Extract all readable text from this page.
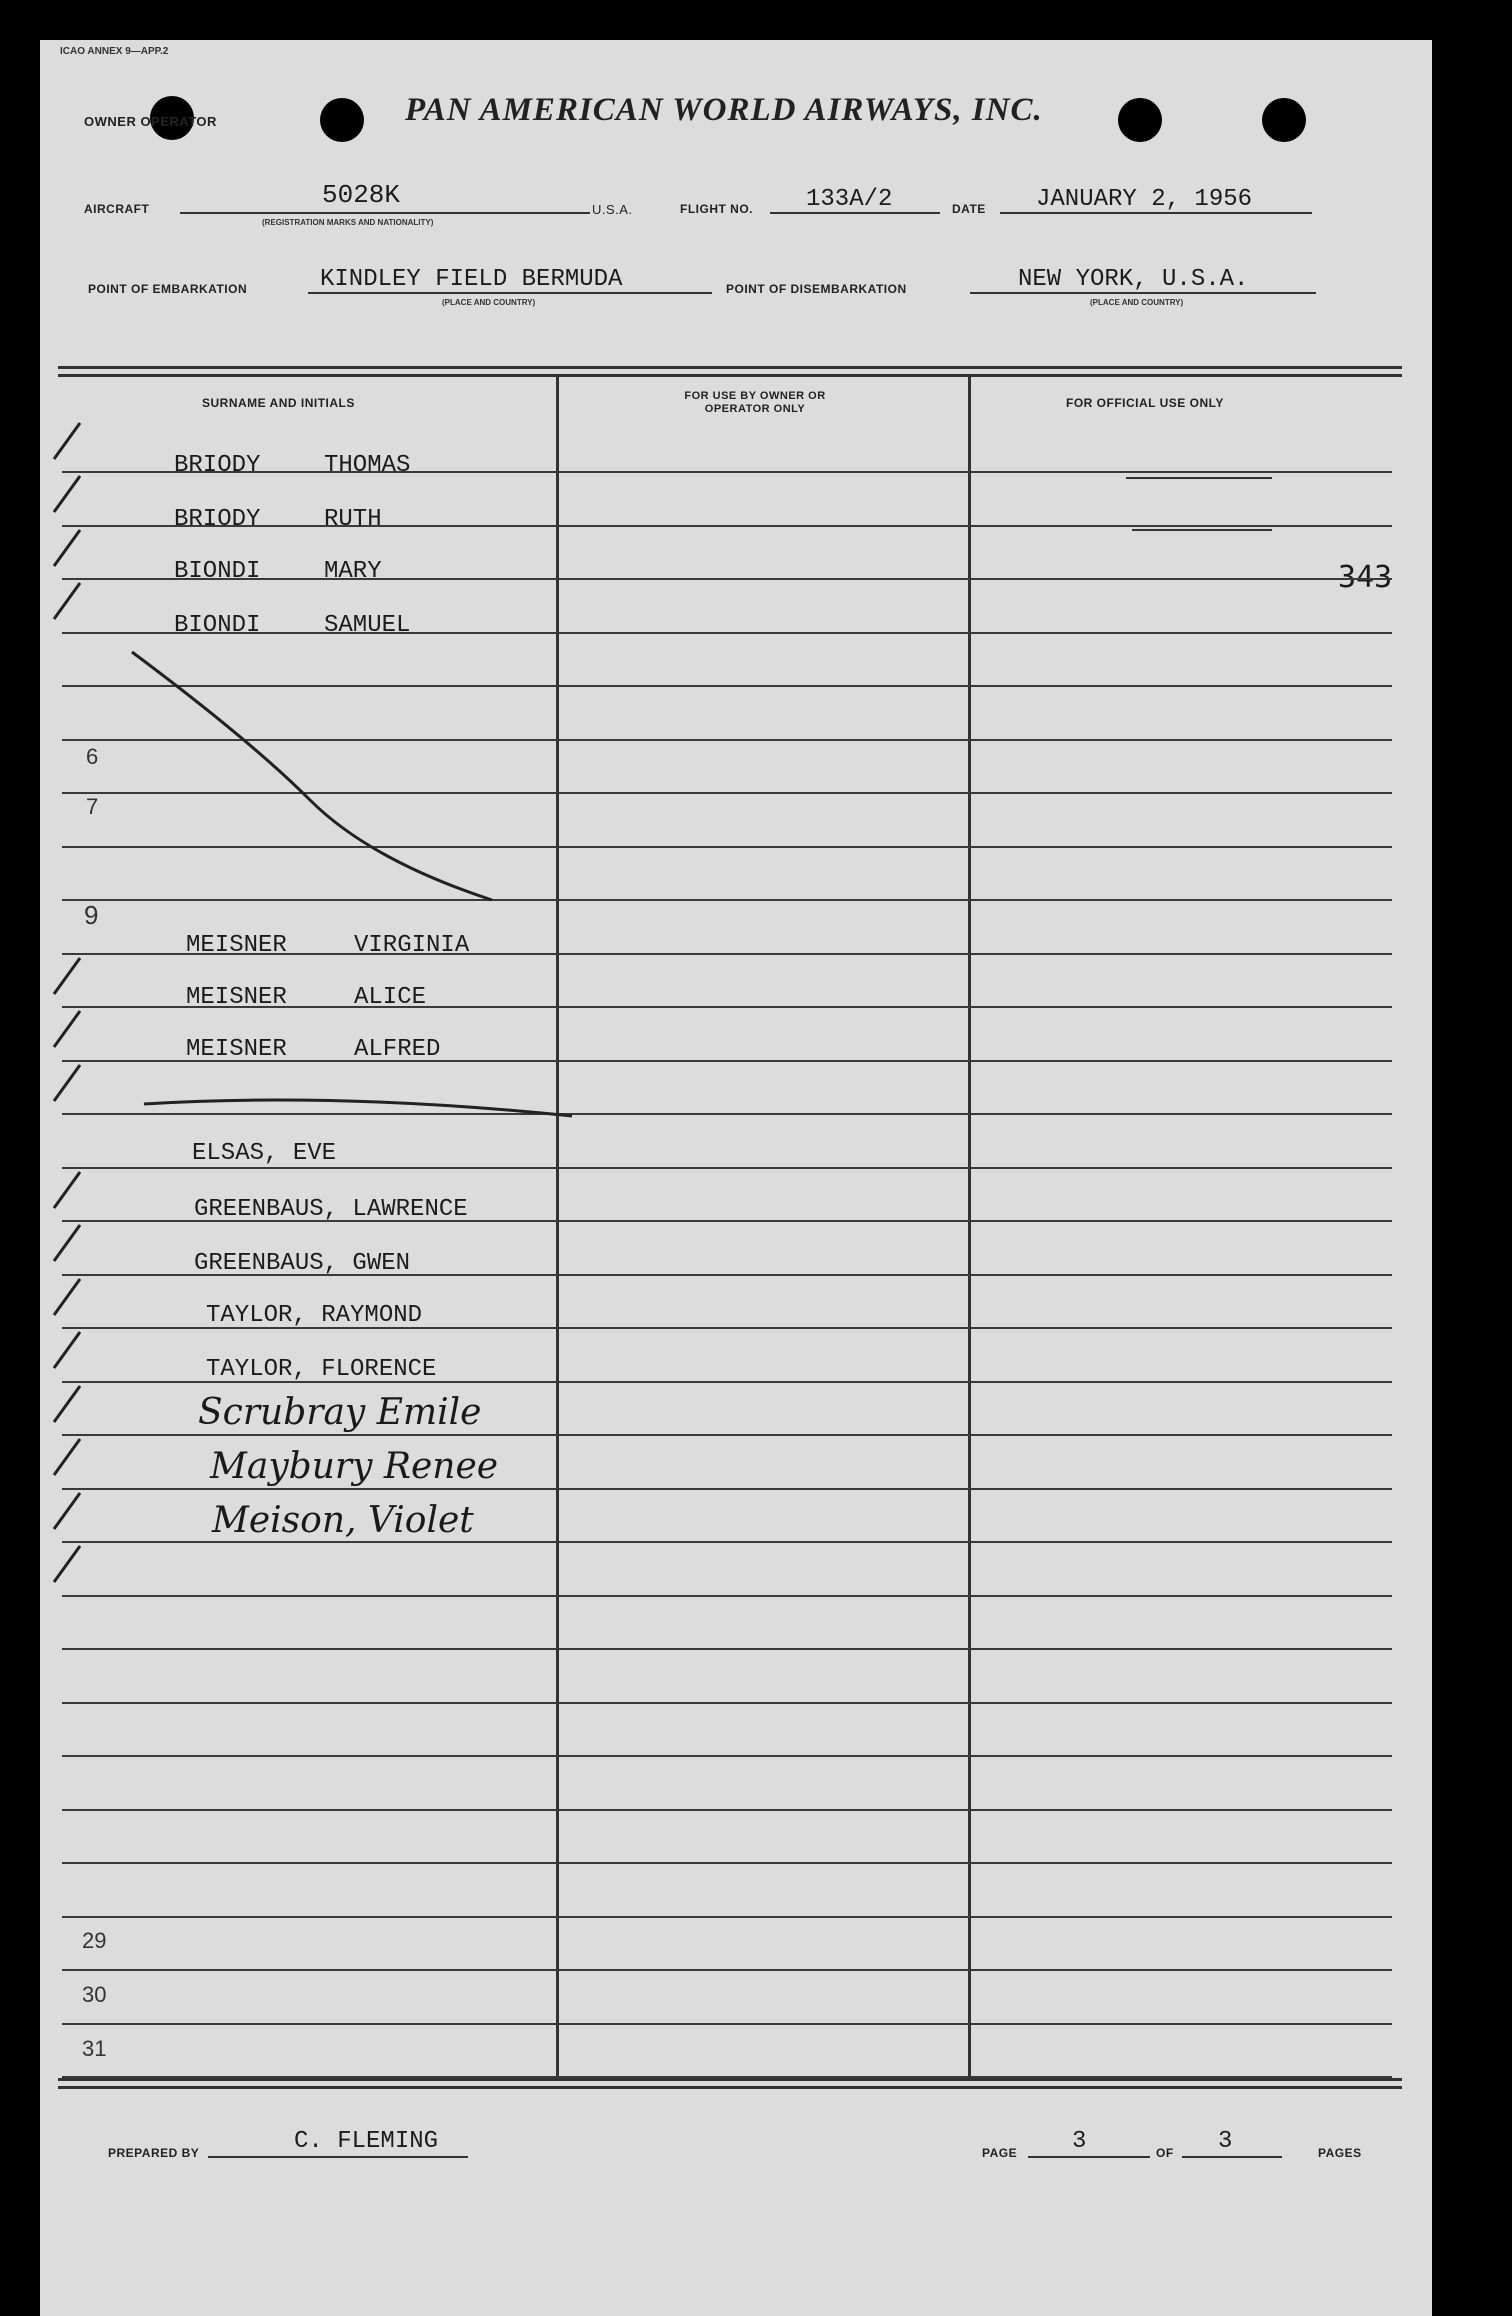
ICAO ANNEX 9—APP.2
OWNER OPERATOR	PAN AMERICAN WORLD AIRWAYS, INC.
AIRCRAFT	5028K
(REGISTRATION MARKS AND NATIONALITY)
U.S.A.	FLIGHT NO. 133A/2	DATE JANUARY 2, 1956
POINT OF EMBARKATION	KINDLEY FIELD BERMUDA
(PLACE AND COUNTRY)
POINT OF DISEMBARKATION	NEW YORK, U.S.A.
(PLACE AND COUNTRY)
SURNAME AND INITIALS	FOR USE BY OWNER OR OPERATOR ONLY	FOR OFFICIAL USE ONLY
343
BRIODY	THOMAS
BRIODY	RUTH
BIONDI	MARY
BIONDI	SAMUEL
MEISNER	VIRGINIA
MEISNER	ALICE
MEISNER	ALFRED
ELSAS, EVE
GREENBAUS, LAWRENCE
GREENBAUS, GWEN
TAYLOR, RAYMOND
TAYLOR, FLORENCE
Scrubray Emile
Maybury Renee
Meison, Violet
6
7
9
29
30
31
PREPARED BY	C. FLEMING	PAGE 3	OF 3	PAGES
